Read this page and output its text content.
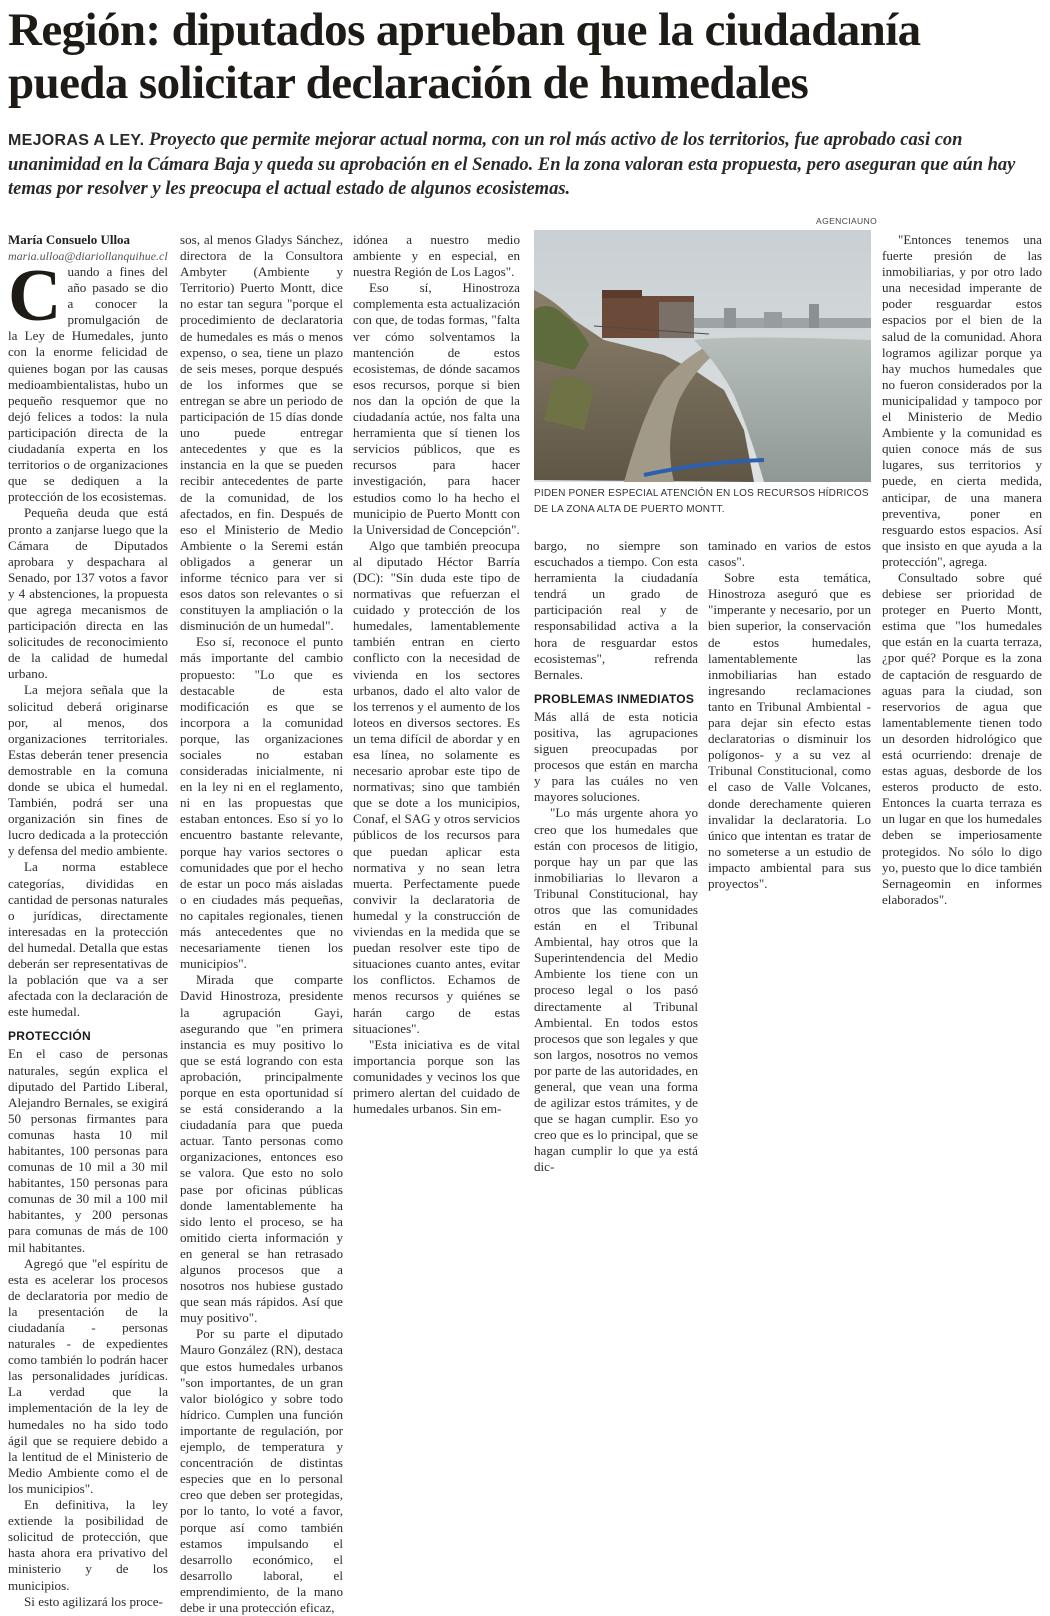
Región: diputados aprueban que la ciudadanía pueda solicitar declaración de humedales

MEJORAS A LEY. Proyecto que permite mejorar actual norma, con un rol más activo de los territorios, fue aprobado casi con unanimidad en la Cámara Baja y queda su aprobación en el Senado. En la zona valoran esta propuesta, pero aseguran que aún hay temas por resolver y les preocupa el actual estado de algunos ecosistemas.

María Consuelo Ulloa

maria.ulloa@diariollanquihue.cl

Cuando a fines del año pasado se dio a conocer la promulgación de la Ley de Humedales, junto con la enorme felicidad de quienes bogan por las causas medioambientalistas, hubo un pequeño resquemor que no dejó felices a todos: la nula participación directa de la ciudadanía experta en los territorios o de organizaciones que se dediquen a la protección de los ecosistemas.

Pequeña deuda que está pronto a zanjarse luego que la Cámara de Diputados aprobara y despachara al Senado, por 137 votos a favor y 4 abstenciones, la propuesta que agrega mecanismos de participación directa en las solicitudes de reconocimiento de la calidad de humedal urbano.

La mejora señala que la solicitud deberá originarse por, al menos, dos organizaciones territoriales. Estas deberán tener presencia demostrable en la comuna donde se ubica el humedal. También, podrá ser una organización sin fines de lucro dedicada a la protección y defensa del medio ambiente.

La norma establece categorías, divididas en cantidad de personas naturales o jurídicas, directamente interesadas en la protección del humedal. Detalla que estas deberán ser representativas de la población que va a ser afectada con la declaración de este humedal.

PROTECCIÓN

En el caso de personas naturales, según explica el diputado del Partido Liberal, Alejandro Bernales, se exigirá 50 personas firmantes para comunas hasta 10 mil habitantes, 100 personas para comunas de 10 mil a 30 mil habitantes, 150 personas para comunas de 30 mil a 100 mil habitantes, y 200 personas para comunas de más de 100 mil habitantes.

Agregó que "el espíritu de esta es acelerar los procesos de declaratoria por medio de la presentación de la ciudadanía - personas naturales - de expedientes como también lo podrán hacer las personalidades jurídicas. La verdad que la implementación de la ley de humedales no ha sido todo ágil que se requiere debido a la lentitud de el Ministerio de Medio Ambiente como el de los municipios".

En definitiva, la ley extiende la posibilidad de solicitud de protección, que hasta ahora era privativo del ministerio y de los municipios.

Si esto agilizará los proce-

sos, al menos Gladys Sánchez, directora de la Consultora Ambyter (Ambiente y Territorio) Puerto Montt, dice no estar tan segura "porque el procedimiento de declaratoria de humedales es más o menos expenso, o sea, tiene un plazo de seis meses, porque después de los informes que se entregan se abre un periodo de participación de 15 días donde uno puede entregar antecedentes y que es la instancia en la que se pueden recibir antecedentes de parte de la comunidad, de los afectados, en fin. Después de eso el Ministerio de Medio Ambiente o la Seremi están obligados a generar un informe técnico para ver si esos datos son relevantes o si constituyen la ampliación o la disminución de un humedal".

Eso sí, reconoce el punto más importante del cambio propuesto: "Lo que es destacable de esta modificación es que se incorpora a la comunidad porque, las organizaciones sociales no estaban consideradas inicialmente, ni en la ley ni en el reglamento, ni en las propuestas que estaban entonces. Eso sí yo lo encuentro bastante relevante, porque hay varios sectores o comunidades que por el hecho de estar un poco más aisladas o en ciudades más pequeñas, no capitales regionales, tienen más antecedentes que no necesariamente tienen los municipios".

Mirada que comparte David Hinostroza, presidente la agrupación Gayi, asegurando que "en primera instancia es muy positivo lo que se está logrando con esta aprobación, principalmente porque en esta oportunidad sí se está considerando a la ciudadanía para que pueda actuar. Tanto personas como organizaciones, entonces eso se valora. Que esto no solo pase por oficinas públicas donde lamentablemente ha sido lento el proceso, se ha omitido cierta información y en general se han retrasado algunos procesos que a nosotros nos hubiese gustado que sean más rápidos. Así que muy positivo".

Por su parte el diputado Mauro González (RN), destaca que estos humedales urbanos "son importantes, de un gran valor biológico y sobre todo hídrico. Cumplen una función importante de regulación, por ejemplo, de temperatura y concentración de distintas especies que en lo personal creo que deben ser protegidas, por lo tanto, lo voté a favor, porque así como también estamos impulsando el desarrollo económico, el desarrollo laboral, el emprendimiento, de la mano debe ir una protección eficaz,

idónea a nuestro medio ambiente y en especial, en nuestra Región de Los Lagos".

Eso sí, Hinostroza complementa esta actualización con que, de todas formas, "falta ver cómo solventamos la mantención de estos ecosistemas, de dónde sacamos esos recursos, porque si bien nos dan la opción de que la ciudadanía actúe, nos falta una herramienta que sí tienen los servicios públicos, que es recursos para hacer investigación, para hacer estudios como lo ha hecho el municipio de Puerto Montt con la Universidad de Concepción".

Algo que también preocupa al diputado Héctor Barría (DC): "Sin duda este tipo de normativas que refuerzan el cuidado y protección de los humedales, lamentablemente también entran en cierto conflicto con la necesidad de vivienda en los sectores urbanos, dado el alto valor de los terrenos y el aumento de los loteos en diversos sectores. Es un tema difícil de abordar y en esa línea, no solamente es necesario aprobar este tipo de normativas; sino que también que se dote a los municipios, Conaf, el SAG y otros servicios públicos de los recursos para que puedan aplicar esta normativa y no sean letra muerta. Perfectamente puede convivir la declaratoria de humedal y la construcción de viviendas en la medida que se puedan resolver este tipo de situaciones cuanto antes, evitar los conflictos. Echamos de menos recursos y quiénes se harán cargo de estas situaciones".

"Esta iniciativa es de vital importancia porque son las comunidades y vecinos los que primero alertan del cuidado de humedales urbanos. Sin em-

AGENCIAUNO
PIDEN PONER ESPECIAL ATENCIÓN EN LOS RECURSOS HÍDRICOS DE LA ZONA ALTA DE PUERTO MONTT.

bargo, no siempre son escuchados a tiempo. Con esta herramienta la ciudadanía tendrá un grado de participación real y de responsabilidad activa a la hora de resguardar estos ecosistemas", refrenda Bernales.

PROBLEMAS INMEDIATOS

Más allá de esta noticia positiva, las agrupaciones siguen preocupadas por procesos que están en marcha y para las cuáles no ven mayores soluciones.

"Lo más urgente ahora yo creo que los humedales que están con procesos de litigio, porque hay un par que las inmobiliarias lo llevaron a Tribunal Constitucional, hay otros que las comunidades están en el Tribunal Ambiental, hay otros que la Superintendencia del Medio Ambiente los tiene con un proceso legal o los pasó directamente al Tribunal Ambiental. En todos estos procesos que son legales y que son largos, nosotros no vemos por parte de las autoridades, en general, que vean una forma de agilizar estos trámites, y de que se hagan cumplir. Eso yo creo que es lo principal, que se hagan cumplir lo que ya está dic-

taminado en varios de estos casos".

Sobre esta temática, Hinostroza aseguró que es "imperante y necesario, por un bien superior, la conservación de estos humedales, lamentablemente las inmobiliarias han estado ingresando reclamaciones tanto en Tribunal Ambiental -para dejar sin efecto estas declaratorias o disminuir los polígonos- y a su vez al Tribunal Constitucional, como el caso de Valle Volcanes, donde derechamente quieren invalidar la declaratoria. Lo único que intentan es tratar de no someterse a un estudio de impacto ambiental para sus proyectos".

"Entonces tenemos una fuerte presión de las inmobiliarias, y por otro lado una necesidad imperante de poder resguardar estos espacios por el bien de la salud de la comunidad. Ahora logramos agilizar porque ya hay muchos humedales que no fueron considerados por la municipalidad y tampoco por el Ministerio de Medio Ambiente y la comunidad es quien conoce más de sus lugares, sus territorios y puede, en cierta medida, anticipar, de una manera preventiva, poner en resguardo estos espacios. Así que insisto en que ayuda a la protección", agrega.

Consultado sobre qué debiese ser prioridad de proteger en Puerto Montt, estima que "los humedales que están en la cuarta terraza, ¿por qué? Porque es la zona de captación de resguardo de aguas para la ciudad, son reservorios de agua que lamentablemente tienen todo un desorden hidrológico que está ocurriendo: drenaje de estas aguas, desborde de los esteros producto de esto. Entonces la cuarta terraza es un lugar en que los humedales deben se imperiosamente protegidos. No sólo lo digo yo, puesto que lo dice también Sernageomin en informes elaborados".
